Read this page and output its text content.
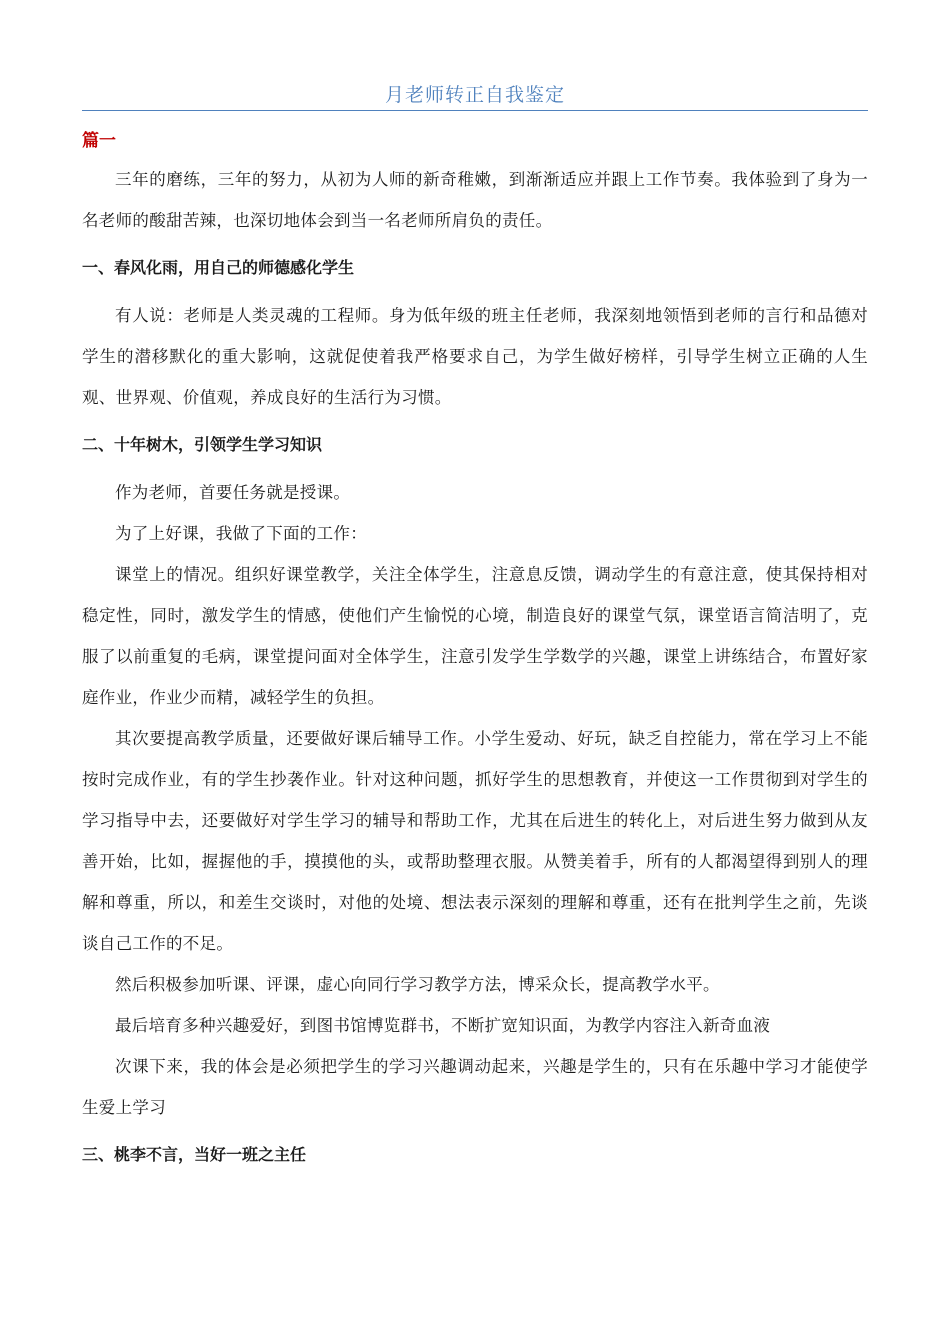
月老师转正自我鉴定
篇一

三年的磨练，三年的努力，从初为人师的新奇稚嫩，到渐渐适应并跟上工作节奏。我体验到了身为一名老师的酸甜苦辣，也深切地体会到当一名老师所肩负的责任。

一、春风化雨，用自己的师德感化学生

有人说：老师是人类灵魂的工程师。身为低年级的班主任老师，我深刻地领悟到老师的言行和品德对学生的潜移默化的重大影响，这就促使着我严格要求自己，为学生做好榜样，引导学生树立正确的人生观、世界观、价值观，养成良好的生活行为习惯。

二、十年树木，引领学生学习知识

作为老师，首要任务就是授课。

为了上好课，我做了下面的工作：

课堂上的情况。组织好课堂教学，关注全体学生，注意息反馈，调动学生的有意注意，使其保持相对稳定性，同时，激发学生的情感，使他们产生愉悦的心境，制造良好的课堂气氛，课堂语言简洁明了，克服了以前重复的毛病，课堂提问面对全体学生，注意引发学生学数学的兴趣，课堂上讲练结合，布置好家庭作业，作业少而精，减轻学生的负担。

其次要提高教学质量，还要做好课后辅导工作。小学生爱动、好玩，缺乏自控能力，常在学习上不能按时完成作业，有的学生抄袭作业。针对这种问题，抓好学生的思想教育，并使这一工作贯彻到对学生的学习指导中去，还要做好对学生学习的辅导和帮助工作，尤其在后进生的转化上，对后进生努力做到从友善开始，比如，握握他的手，摸摸他的头，或帮助整理衣服。从赞美着手，所有的人都渴望得到别人的理解和尊重，所以，和差生交谈时，对他的处境、想法表示深刻的理解和尊重，还有在批判学生之前，先谈谈自己工作的不足。

然后积极参加听课、评课，虚心向同行学习教学方法，博采众长，提高教学水平。

最后培育多种兴趣爱好，到图书馆博览群书，不断扩宽知识面，为教学内容注入新奇血液

次课下来，我的体会是必须把学生的学习兴趣调动起来，兴趣是学生的，只有在乐趣中学习才能使学生爱上学习

三、桃李不言，当好一班之主任
